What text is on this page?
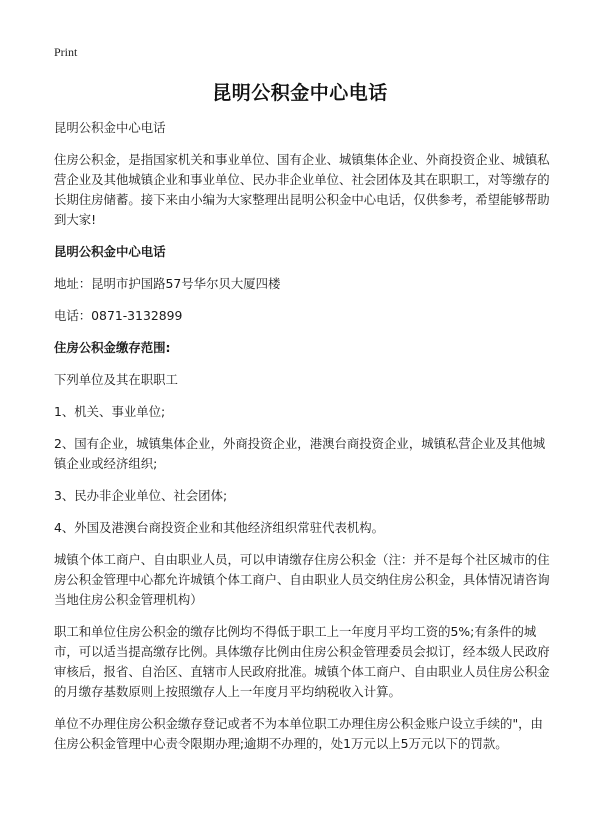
Print
昆明公积金中心电话

昆明公积金中心电话

住房公积金，是指国家机关和事业单位、国有企业、城镇集体企业、外商投资企业、城镇私营企业及其他城镇企业和事业单位、民办非企业单位、社会团体及其在职职工，对等缴存的长期住房储蓄。接下来由小编为大家整理出昆明公积金中心电话，仅供参考，希望能够帮助到大家!

昆明公积金中心电话

地址：昆明市护国路57号华尔贝大厦四楼

电话：0871-3132899

住房公积金缴存范围:

下列单位及其在职职工

1、机关、事业单位;

2、国有企业，城镇集体企业，外商投资企业，港澳台商投资企业，城镇私营企业及其他城镇企业或经济组织;

3、民办非企业单位、社会团体;

4、外国及港澳台商投资企业和其他经济组织常驻代表机构。

城镇个体工商户、自由职业人员，可以申请缴存住房公积金（注：并不是每个社区城市的住房公积金管理中心都允许城镇个体工商户、自由职业人员交纳住房公积金，具体情况请咨询当地住房公积金管理机构）

职工和单位住房公积金的缴存比例均不得低于职工上一年度月平均工资的5%;有条件的城市，可以适当提高缴存比例。具体缴存比例由住房公积金管理委员会拟订，经本级人民政府审核后，报省、自治区、直辖市人民政府批准。城镇个体工商户、自由职业人员住房公积金的月缴存基数原则上按照缴存人上一年度月平均纳税收入计算。

单位不办理住房公积金缴存登记或者不为本单位职工办理住房公积金账户设立手续的"，由住房公积金管理中心责令限期办理;逾期不办理的，处1万元以上5万元以下的罚款。
